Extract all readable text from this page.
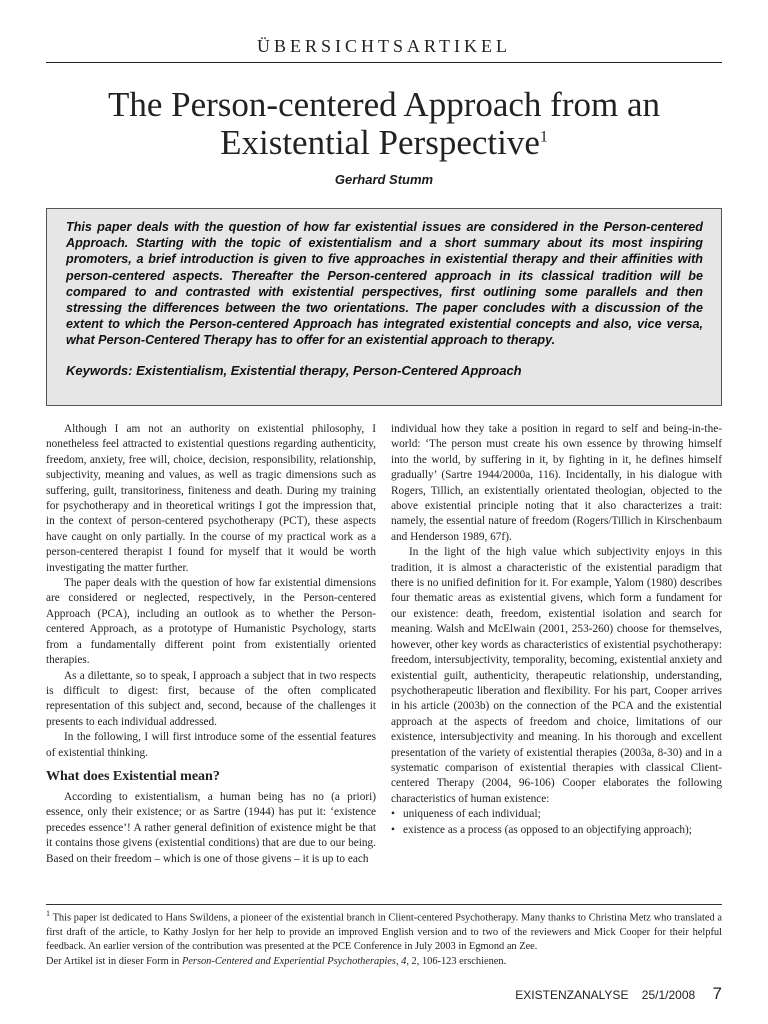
ÜBERSICHTSARTIKEL
The Person-centered Approach from an
Existential Perspective$^1$
Gerhard Stumm

This paper deals with the question of how far existential issues are considered in the Person-centered Approach. Starting with the topic of existentialism and a short summary about its most inspiring promoters, a brief introduction is given to five approaches in existential therapy and their affinities with person-centered aspects. Thereafter the Person-centered approach in its classical tradition will be compared to and contrasted with existential perspectives, first outlining some parallels and then stressing the differences between the two orientations. The paper concludes with a discussion of the extent to which the Person-centered Approach has integrated existential concepts and also, vice versa, what Person-Centered Therapy has to offer for an existential approach to therapy.

Keywords: Existentialism, Existential therapy, Person-Centered Approach

Although I am not an authority on existential philosophy, I nonetheless feel attracted to existential questions regarding authenticity, freedom, anxiety, free will, choice, decision, responsibility, relationship, subjectivity, meaning and values, as well as tragic dimensions such as suffering, guilt, transitoriness, finiteness and death. During my training for psychotherapy and in theoretical writings I got the impression that, in the context of person-centered psychotherapy (PCT), these aspects have caught on only partially. In the course of my practical work as a person-centered therapist I found for myself that it would be worth investigating the matter further.

The paper deals with the question of how far existential dimensions are considered or neglected, respectively, in the Person-centered Approach (PCA), including an outlook as to whether the Person-centered Approach, as a prototype of Humanistic Psychology, starts from a fundamentally different point from existentially oriented therapies.

As a dilettante, so to speak, I approach a subject that in two respects is difficult to digest: first, because of the often complicated representation of this subject and, second, because of the challenges it presents to each individual addressed.

In the following, I will first introduce some of the essential features of existential thinking.

What does Existential mean?

According to existentialism, a human being has no (a priori) essence, only their existence; or as Sartre (1944) has put it: ‘existence precedes essence’! A rather general definition of existence might be that it contains those givens (existential conditions) that are due to our being. Based on their freedom – which is one of those givens – it is up to each

individual how they take a position in regard to self and being-in-the-world: ‘The person must create his own essence by throwing himself into the world, by suffering in it, by fighting in it, he defines himself gradually’ (Sartre 1944/2000a, 116). Incidentally, in his dialogue with Rogers, Tillich, an existentially orientated theologian, objected to the above existential principle noting that it also characterizes a trait: namely, the essential nature of freedom (Rogers/Tillich in Kirschenbaum and Henderson 1989, 67f).

In the light of the high value which subjectivity enjoys in this tradition, it is almost a characteristic of the existential paradigm that there is no unified definition for it. For example, Yalom (1980) describes four thematic areas as existential givens, which form a fundament for our existence: death, freedom, existential isolation and search for meaning. Walsh and McElwain (2001, 253-260) choose for themselves, however, other key words as characteristics of existential psychotherapy: freedom, intersubjectivity, temporality, becoming, existential anxiety and existential guilt, authenticity, therapeutic relationship, understanding, psychotherapeutic liberation and flexibility. For his part, Cooper arrives in his article (2003b) on the connection of the PCA and the existential approach at the aspects of freedom and choice, limitations of our existence, intersubjectivity and meaning. In his thorough and excellent presentation of the variety of existential therapies (2003a, 8-30) and in a systematic comparison of existential therapies with classical Client-centered Therapy (2004, 96-106) Cooper elaborates the following characteristics of human existence:

• uniqueness of each individual;
• existence as a process (as opposed to an objectifying approach);
$^1$ This paper ist dedicated to Hans Swildens, a pioneer of the existential branch in Client-centered Psychotherapy. Many thanks to Christina Metz who translated a first draft of the article, to Kathy Joslyn for her help to provide an improved English version and to two of the reviewers and Mick Cooper for their helpful feedback. An earlier version of the contribution was presented at the PCE Conference in July 2003 in Egmond an Zee.
Der Artikel ist in dieser Form in Person-Centered and Experiential Psychotherapies, 4, 2, 106-123 erschienen.
EXISTENZANALYSE 25/1/2008 7
